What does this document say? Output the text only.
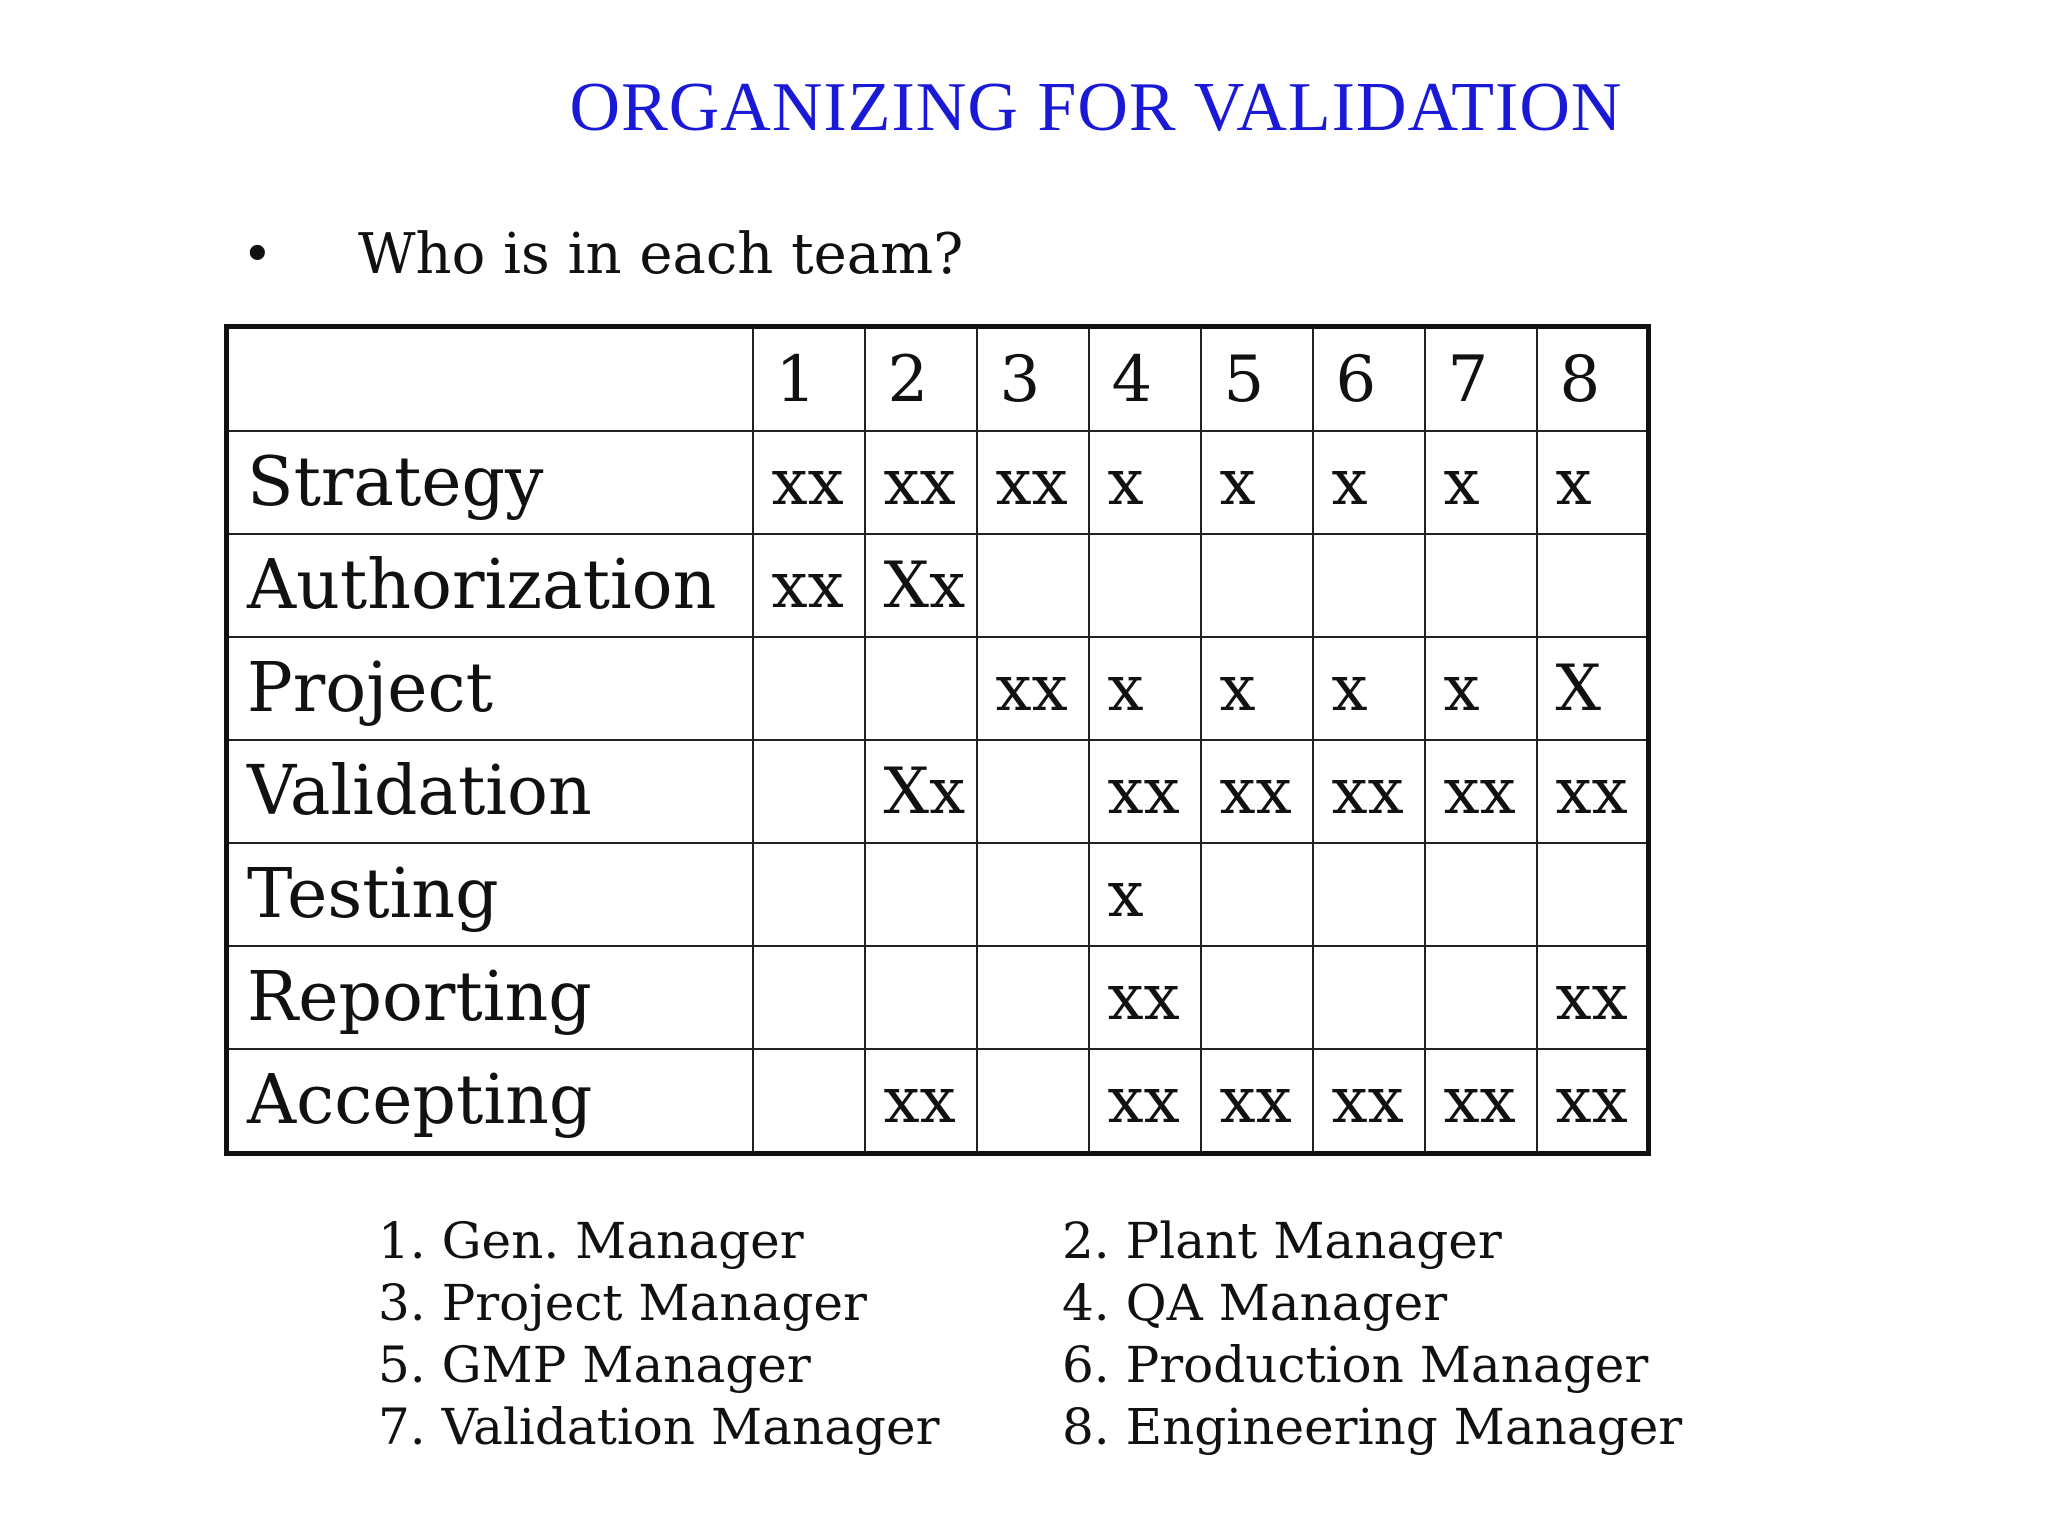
ORGANIZING FOR VALIDATION
•	Who is in each team?
	1	2	3	4	5	6	7	8
Strategy	xx	xx	xx	x	x	x	x	x
Authorization	xx	Xx						
Project			xx	x	x	x	x	X
Validation		Xx		xx	xx	xx	xx	xx
Testing				x				
Reporting				xx				xx
Accepting		xx		xx	xx	xx	xx	xx
1. Gen. Manager
3. Project Manager
5. GMP Manager
7. Validation Manager
2. Plant Manager
4. QA Manager
6. Production Manager
8. Engineering Manager
